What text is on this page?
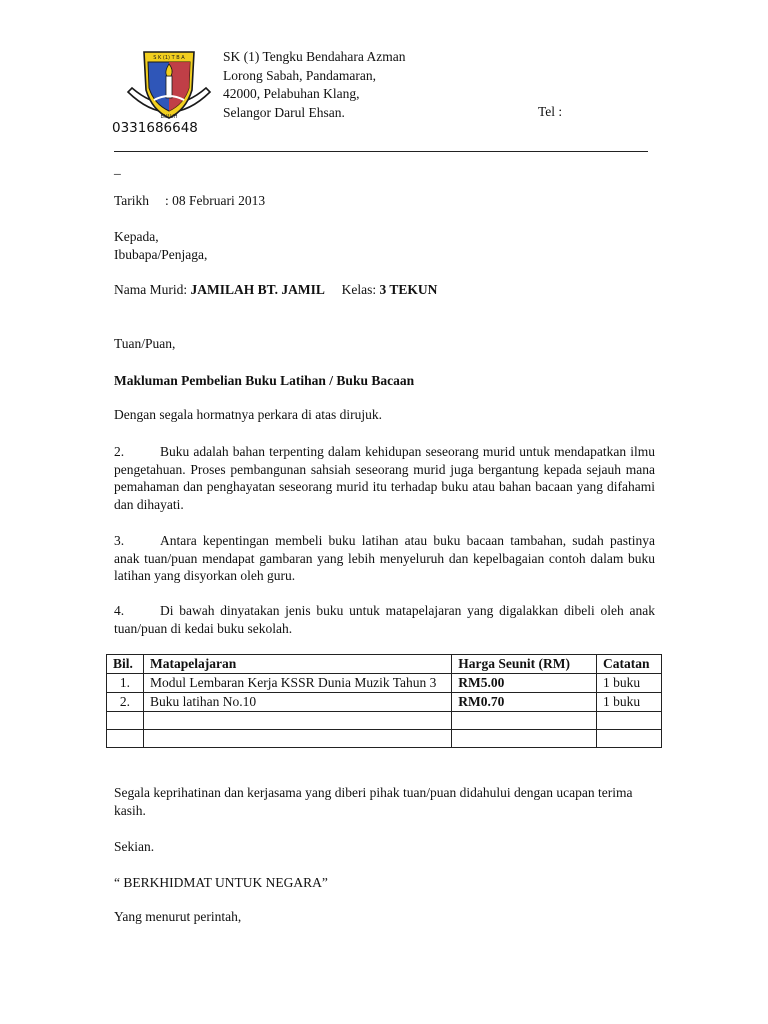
S K (1) T B A
BULUH
SK (1) Tengku Bendahara Azman
Lorong Sabah, Pandamaran,
42000, Pelabuhan Klang,
Selangor Darul Ehsan.	Tel :
0331686648
_
Tarikh : 08 Februari 2013
Kepada,
Ibubapa/Penjaga,
Nama Murid: JAMILAH BT. JAMIL Kelas: 3 TEKUN
Tuan/Puan,
Makluman Pembelian Buku Latihan / Buku Bacaan
Dengan segala hormatnya perkara di atas dirujuk.
2.	Buku adalah bahan terpenting dalam kehidupan seseorang murid untuk mendapatkan ilmu pengetahuan. Proses pembangunan sahsiah seseorang murid juga bergantung kepada sejauh mana pemahaman dan penghayatan seseorang murid itu terhadap buku atau bahan bacaan yang difahami dan dihayati.
3.	Antara kepentingan membeli buku latihan atau buku bacaan tambahan, sudah pastinya anak tuan/puan mendapat gambaran yang lebih menyeluruh dan kepelbagaian contoh dalam buku latihan yang disyorkan oleh guru.
4.	Di bawah dinyatakan jenis buku untuk matapelajaran yang digalakkan dibeli oleh anak tuan/puan di kedai buku sekolah.
Bil.	Matapelajaran	Harga Seunit (RM)	Catatan
1.	Modul Lembaran Kerja KSSR Dunia Muzik Tahun 3	RM5.00	1 buku
2.	Buku latihan No.10	RM0.70	1 buku

Segala keprihatinan dan kerjasama yang diberi pihak tuan/puan didahului dengan ucapan terima kasih.
Sekian.
“ BERKHIDMAT UNTUK NEGARA”
Yang menurut perintah,
